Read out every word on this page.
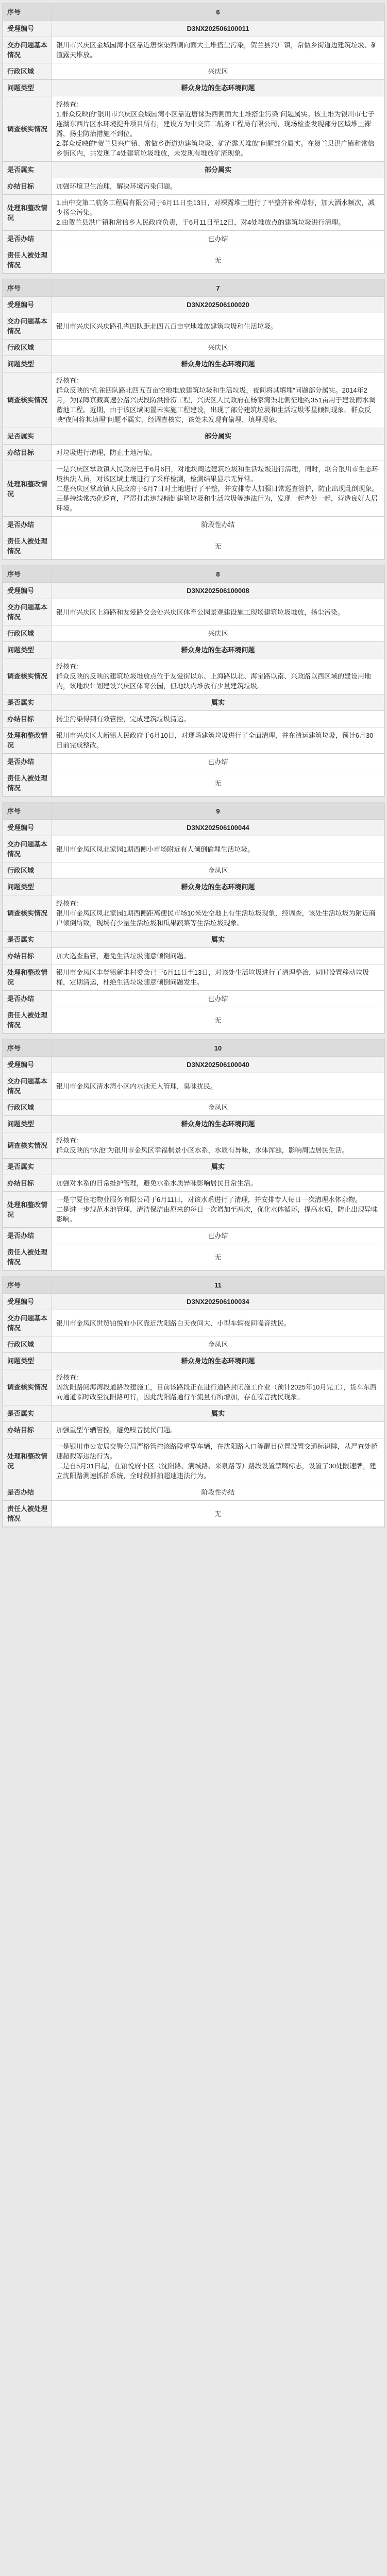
序号	6
受理编号	D3NX202506100011
交办问题基本情况	银川市兴庆区金城园湾小区靠近唐徕渠西侧向面大土堆搭尘污染，贺兰县兴广镇，常做乡街道边建筑垃圾、矿渣露天堆放。
行政区域	兴庆区
问题类型	群众身边的生态环境问题
调查核实情况	经核查：
1.群众反映的“银川市兴庆区金城园湾小区靠近唐徕渠西侧面大土堆搭尘污染”问题属实。该土堆为银川市七子连湖东西片区水环境提升项目所有，建设方为中交第二航务工程局有限公司，现场检查发现部分区域堆土裸露，扬尘防治措施不到位。
2.群众反映的“贺兰县兴广镇、常做乡街道边建筑垃圾、矿渣露天堆放”问题部分属实。在贺兰县洪广镇和常信乡街区内，共发现了4处建筑垃圾堆放，未发现有堆放矿渣现象。
是否属实	部分属实
办结目标	加强环境卫生治理，解决环境污染问题。
处理和整改情况	1.由中交第二航务工程局有限公司于6月11日至13日，对裸露堆土进行了平整并补种草籽，加大洒水频次，减少扬尘污染。
2.由贺兰县洪广镇和常信乡人民政府负责，于6月11日至12日，对4处堆放点的建筑垃圾进行清理。
是否办结	已办结
责任人被处理情况	无
序号	7
受理编号	D3NX202506100020
交办问题基本情况	银川市兴庆区兴庆路孔雀四队距北四五百亩空地堆放建筑垃圾和生活垃圾。
行政区域	兴庆区
问题类型	群众身边的生态环境问题
调查核实情况	经核查：
群众反映的“孔雀四队路北四五百亩空地堆放建筑垃圾和生活垃圾，夜间将其填埋”问题部分属实。2014年2月，为保障京藏高速公路兴庆段防洪排涝工程，兴庆区人民政府在杨家湾渠北侧征地约351亩用于建设雨水调蓄池工程。近期，由于该区域闲置未实施工程建设，出现了部分建筑垃圾和生活垃圾零星倾倒现象。群众反映“夜间将其填埋”问题不属实，经调查核实，该处未发现有偷埋、填埋现象。
是否属实	部分属实
办结目标	对垃圾进行清理，防止土地污染。
处理和整改情况	一是兴庆区掌政镇人民政府已于6月6日，对地块周边建筑垃圾和生活垃圾进行清理，同时，联合银川市生态环境执法人员，对该区域土壤进行了采样检测，检测结果显示无异常。
二是兴庆区掌政镇人民政府于6月7日对土地进行了平整，并安排专人加强日常巡查管护，防止出现乱倒现象。
三是持续常态化巡查，严厉打击违规倾倒建筑垃圾和生活垃圾等违法行为，发现一起查处一起，营造良好人居环境。
是否办结	阶段性办结
责任人被处理情况	无
序号	8
受理编号	D3NX202506100008
交办问题基本情况	银川市兴庆区上海路和友爱路交会处兴庆区体育公园景观建设施工现场建筑垃圾堆放，扬尘污染。
行政区域	兴庆区
问题类型	群众身边的生态环境问题
调查核实情况	经核查：
群众反映的反映的建筑垃圾堆放点位于友爱街以东、上海路以北、海宝路以南、兴政路以西区域的建设用地内，该地块计划建设兴庆区体育公园，但地块内堆放有少量建筑垃圾。
是否属实	属实
办结目标	扬尘污染得到有效管控，完成建筑垃圾清运。
处理和整改情况	银川市兴庆区大新镇人民政府于6月10日，对现场建筑垃圾进行了全面清理，并在清运建筑垃圾，预计6月30日前完成整改。
是否办结	已办结
责任人被处理情况	无
序号	9
受理编号	D3NX202506100044
交办问题基本情况	银川市金凤区凤北家园1期西侧小市场附近有人倾倒偷埋生活垃圾。
行政区域	金凤区
问题类型	群众身边的生态环境问题
调查核实情况	经核查：
银川市金凤区凤北家园1期西侧距离便民市场10米处空地上有生活垃圾现象，经调查，该处生活垃圾为附近商户倾倒所致，现场有少量生活垃圾和瓜果蔬菜等生活垃圾现象。
是否属实	属实
办结目标	加大巡查监管，避免生活垃圾随意倾倒问题。
处理和整改情况	银川市金凤区丰登镇新丰村委会已于6月11日至13日，对该处生活垃圾进行了清理整治，同时设置移动垃圾桶，定期清运，杜绝生活垃圾随意倾倒问题发生。
是否办结	已办结
责任人被处理情况	无
序号	10
受理编号	D3NX202506100040
交办问题基本情况	银川市金凤区清水湾小区内水池无人管理，臭味扰民。
行政区域	金凤区
问题类型	群众身边的生态环境问题
调查核实情况	经核查：
群众反映的“水池”为银川市金凤区幸福桐景小区水系，水质有异味，水体浑浊，影响周边居民生活。
是否属实	属实
办结目标	加强对水系的日常维护管理，避免水系水质异味影响居民日常生活。
处理和整改情况	一是宁夏住宅物业服务有限公司于6月11日，对该水系进行了清理，并安排专人每日一次清理水体杂物。
二是进一步规范水池管理，清洁保洁由原来的每日一次增加至两次，优化水体循环，提高水质，防止出现异味影响。
是否办结	已办结
责任人被处理情况	无
序号	11
受理编号	D3NX202506100034
交办问题基本情况	银川市金凤区世贸铂悦府小区靠近沈阳路白天夜间大、小型车辆夜间噪音扰民。
行政区域	金凤区
问题类型	群众身边的生态环境问题
调查核实情况	经核查：
因沈阳路阅海湾段道路改建施工，目前该路段正在进行道路封闭施工作业（预计2025年10月完工），货车东西向通道临时改至沈阳路可行，因此沈阳路通行车流量有所增加，存在噪音扰民现象。
是否属实	属实
办结目标	加强重型车辆管控，避免噪音扰民问题。
处理和整改情况	一是银川市公安局交警分局严格管控该路段重型车辆，在沈阳路入口等醒目位置设置交通标识牌，从严查处超速超载等违法行为。
二是自5月31日起，在铂悦府小区（沈阳路、满城路、来泉路等）路段设置禁鸣标志，设置了30处限速牌，建立沈阳路测速抓拍系统，全时段抓拍超速违法行为。
是否办结	阶段性办结
责任人被处理情况	无
